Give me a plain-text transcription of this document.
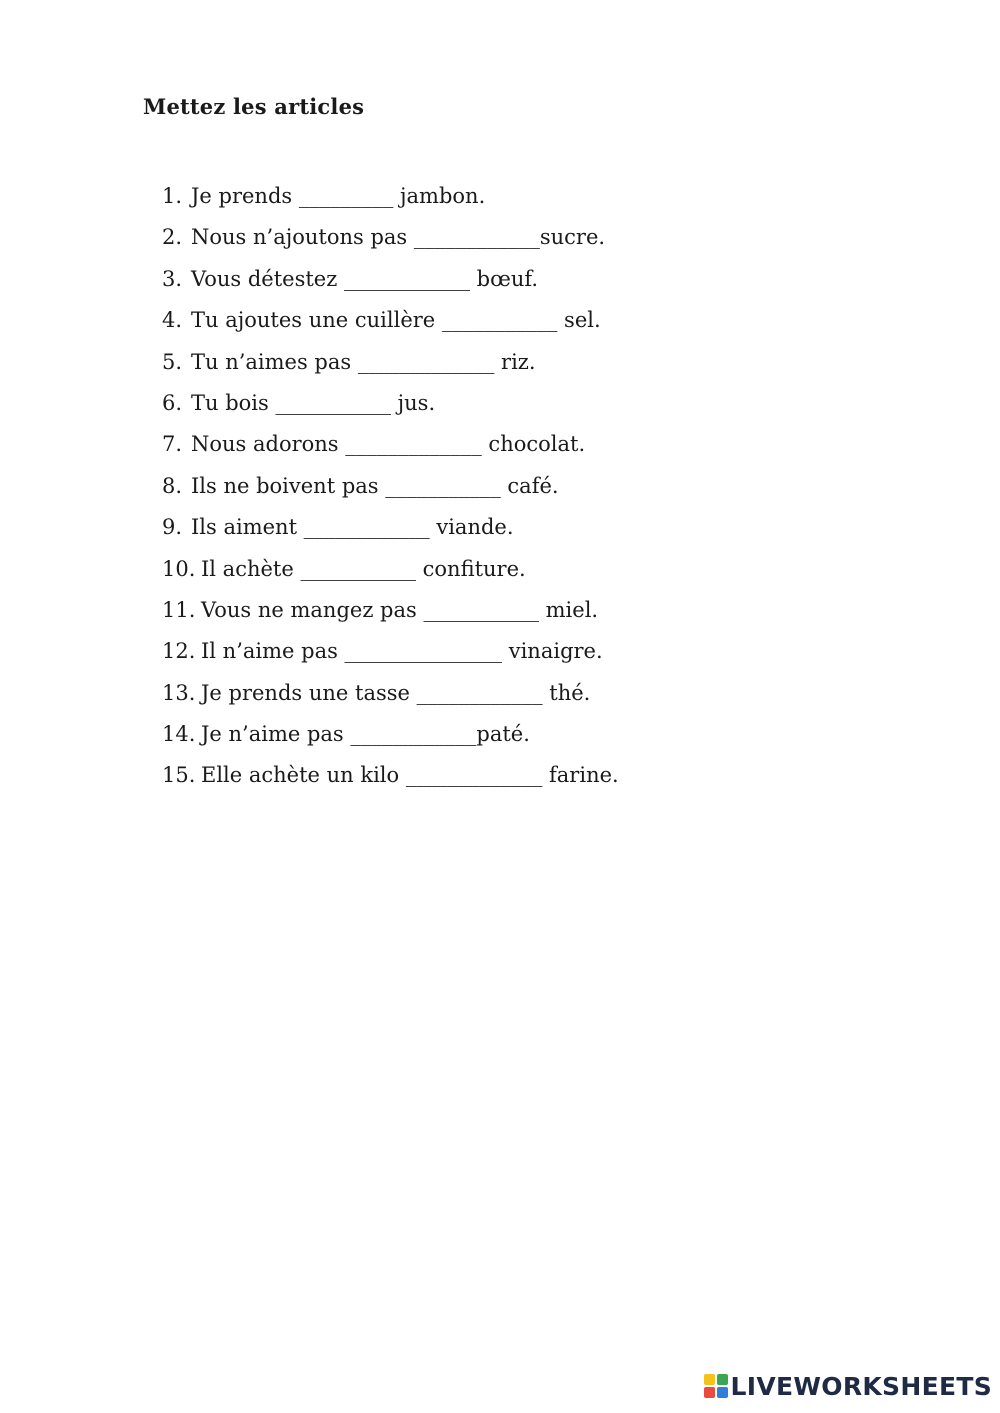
Mettez les articles
1. Je prends _________ jambon.
2. Nous n’ajoutons pas ____________sucre.
3. Vous détestez ____________ bœuf.
4. Tu ajoutes une cuillère ___________ sel.
5. Tu n’aimes pas _____________ riz.
6. Tu bois ___________ jus.
7. Nous adorons _____________ chocolat.
8. Ils ne boivent pas ___________ café.
9. Ils aiment ____________ viande.
10. Il achète ___________ confiture.
11. Vous ne mangez pas ___________ miel.
12. Il n’aime pas _______________ vinaigre.
13. Je prends une tasse ____________ thé.
14. Je n’aime pas ____________paté.
15. Elle achète un kilo _____________ farine.
LIVEWORKSHEETS
